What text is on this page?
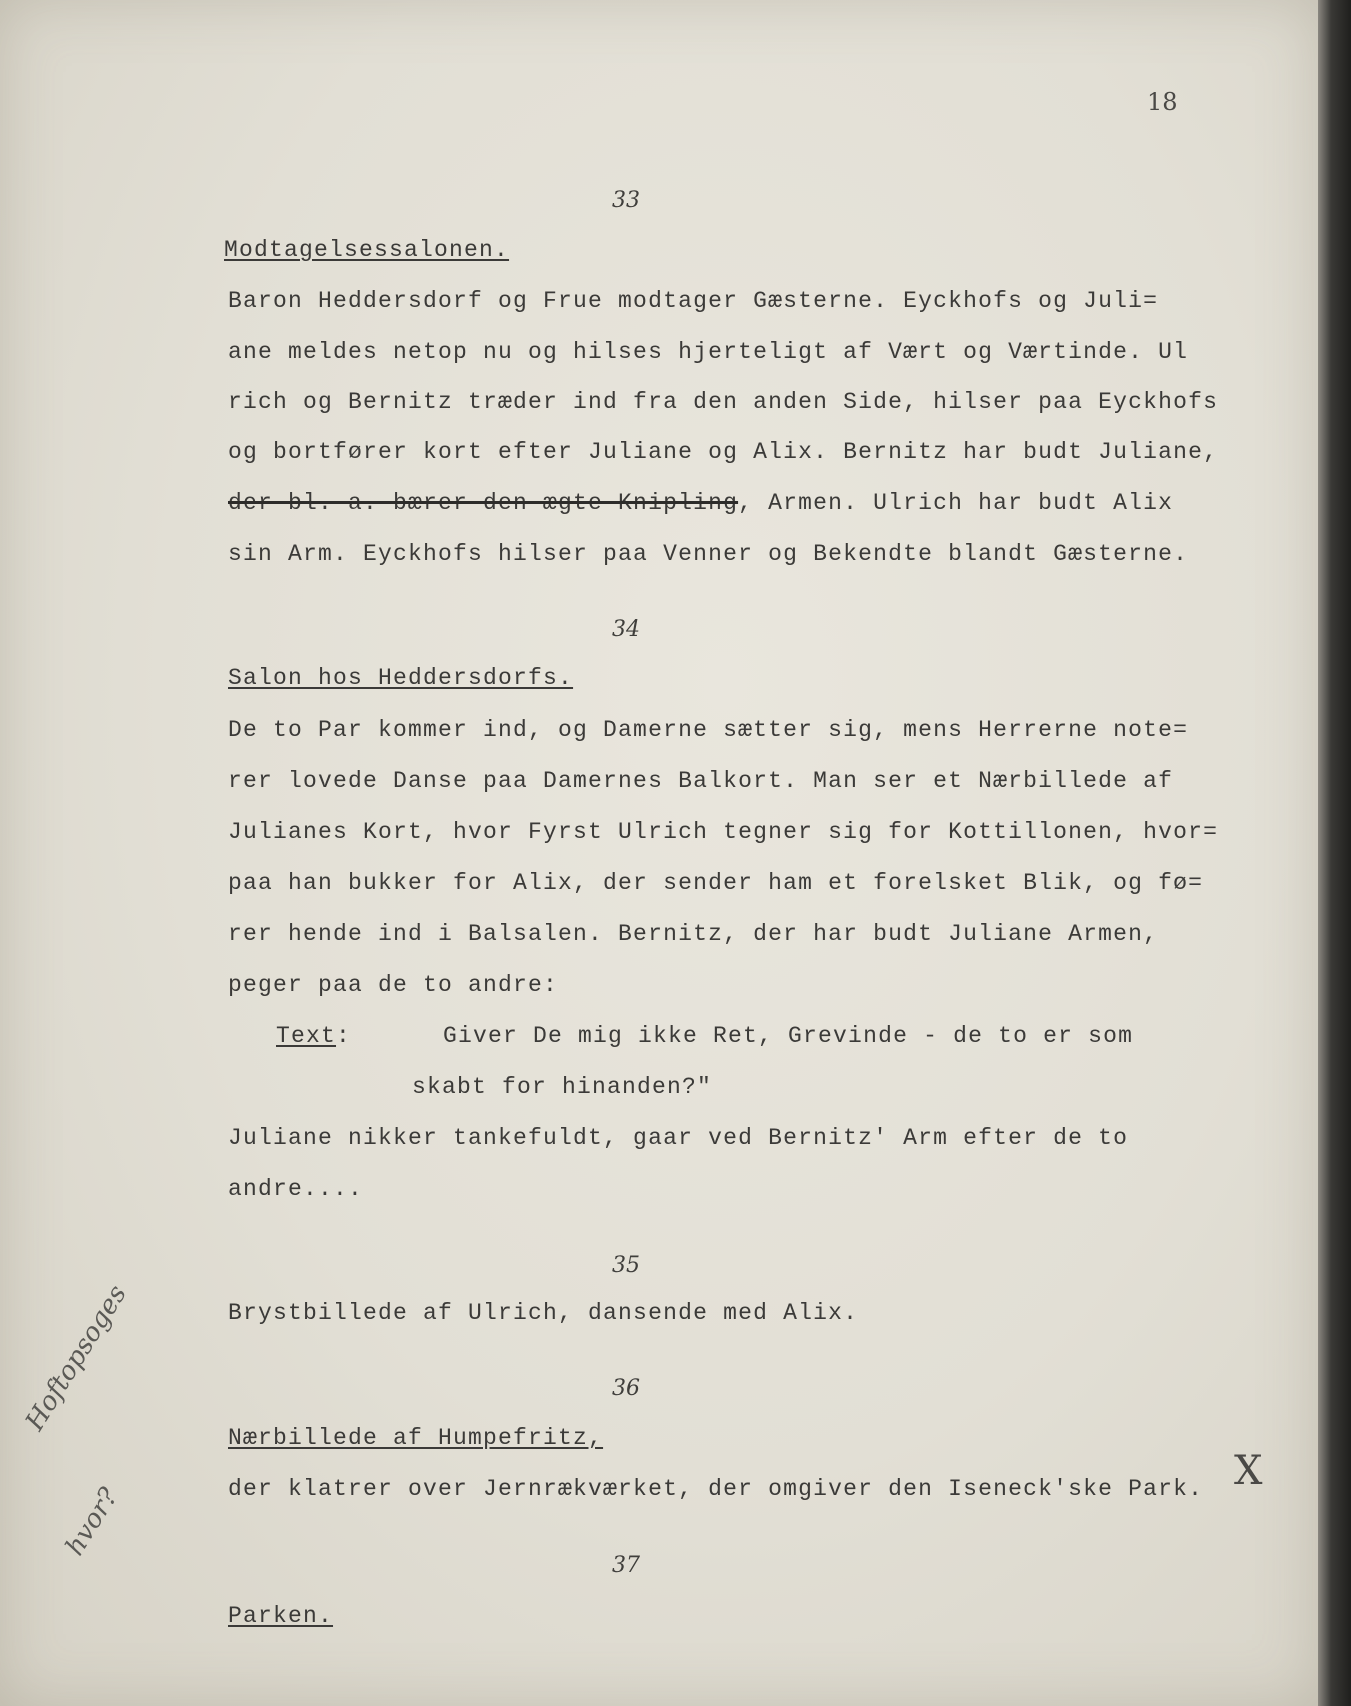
18
33
Modtagelsessalonen.
Baron Heddersdorf og Frue modtager Gæsterne. Eyckhofs og Juli=
ane meldes netop nu og hilses hjerteligt af Vært og Værtinde. Ul
rich og Bernitz træder ind fra den anden Side, hilser paa Eyckhofs
og bortfører kort efter Juliane og Alix. Bernitz har budt Juliane,
der bl. a. bærer den ægte Knipling, Armen. Ulrich har budt Alix
sin Arm. Eyckhofs hilser paa Venner og Bekendte blandt Gæsterne.
34
Salon hos Heddersdorfs.
De to Par kommer ind, og Damerne sætter sig, mens Herrerne note=
rer lovede Danse paa Damernes Balkort. Man ser et Nærbillede af
Julianes Kort, hvor Fyrst Ulrich tegner sig for Kottillonen, hvor=
paa han bukker for Alix, der sender ham et forelsket Blik, og fø=
rer hende ind i Balsalen. Bernitz, der har budt Juliane Armen,
peger paa de to andre:
Text:	Giver De mig ikke Ret, Grevinde - de to er som
skabt for hinanden?"
Juliane nikker tankefuldt, gaar ved Bernitz' Arm efter de to
andre....
35
Brystbillede af Ulrich, dansende med Alix.
36
Nærbillede af Humpefritz,
der klatrer over Jernrækværket, der omgiver den Iseneck'ske Park.
37
Parken.
Hoftopsoges
hvor?
X
